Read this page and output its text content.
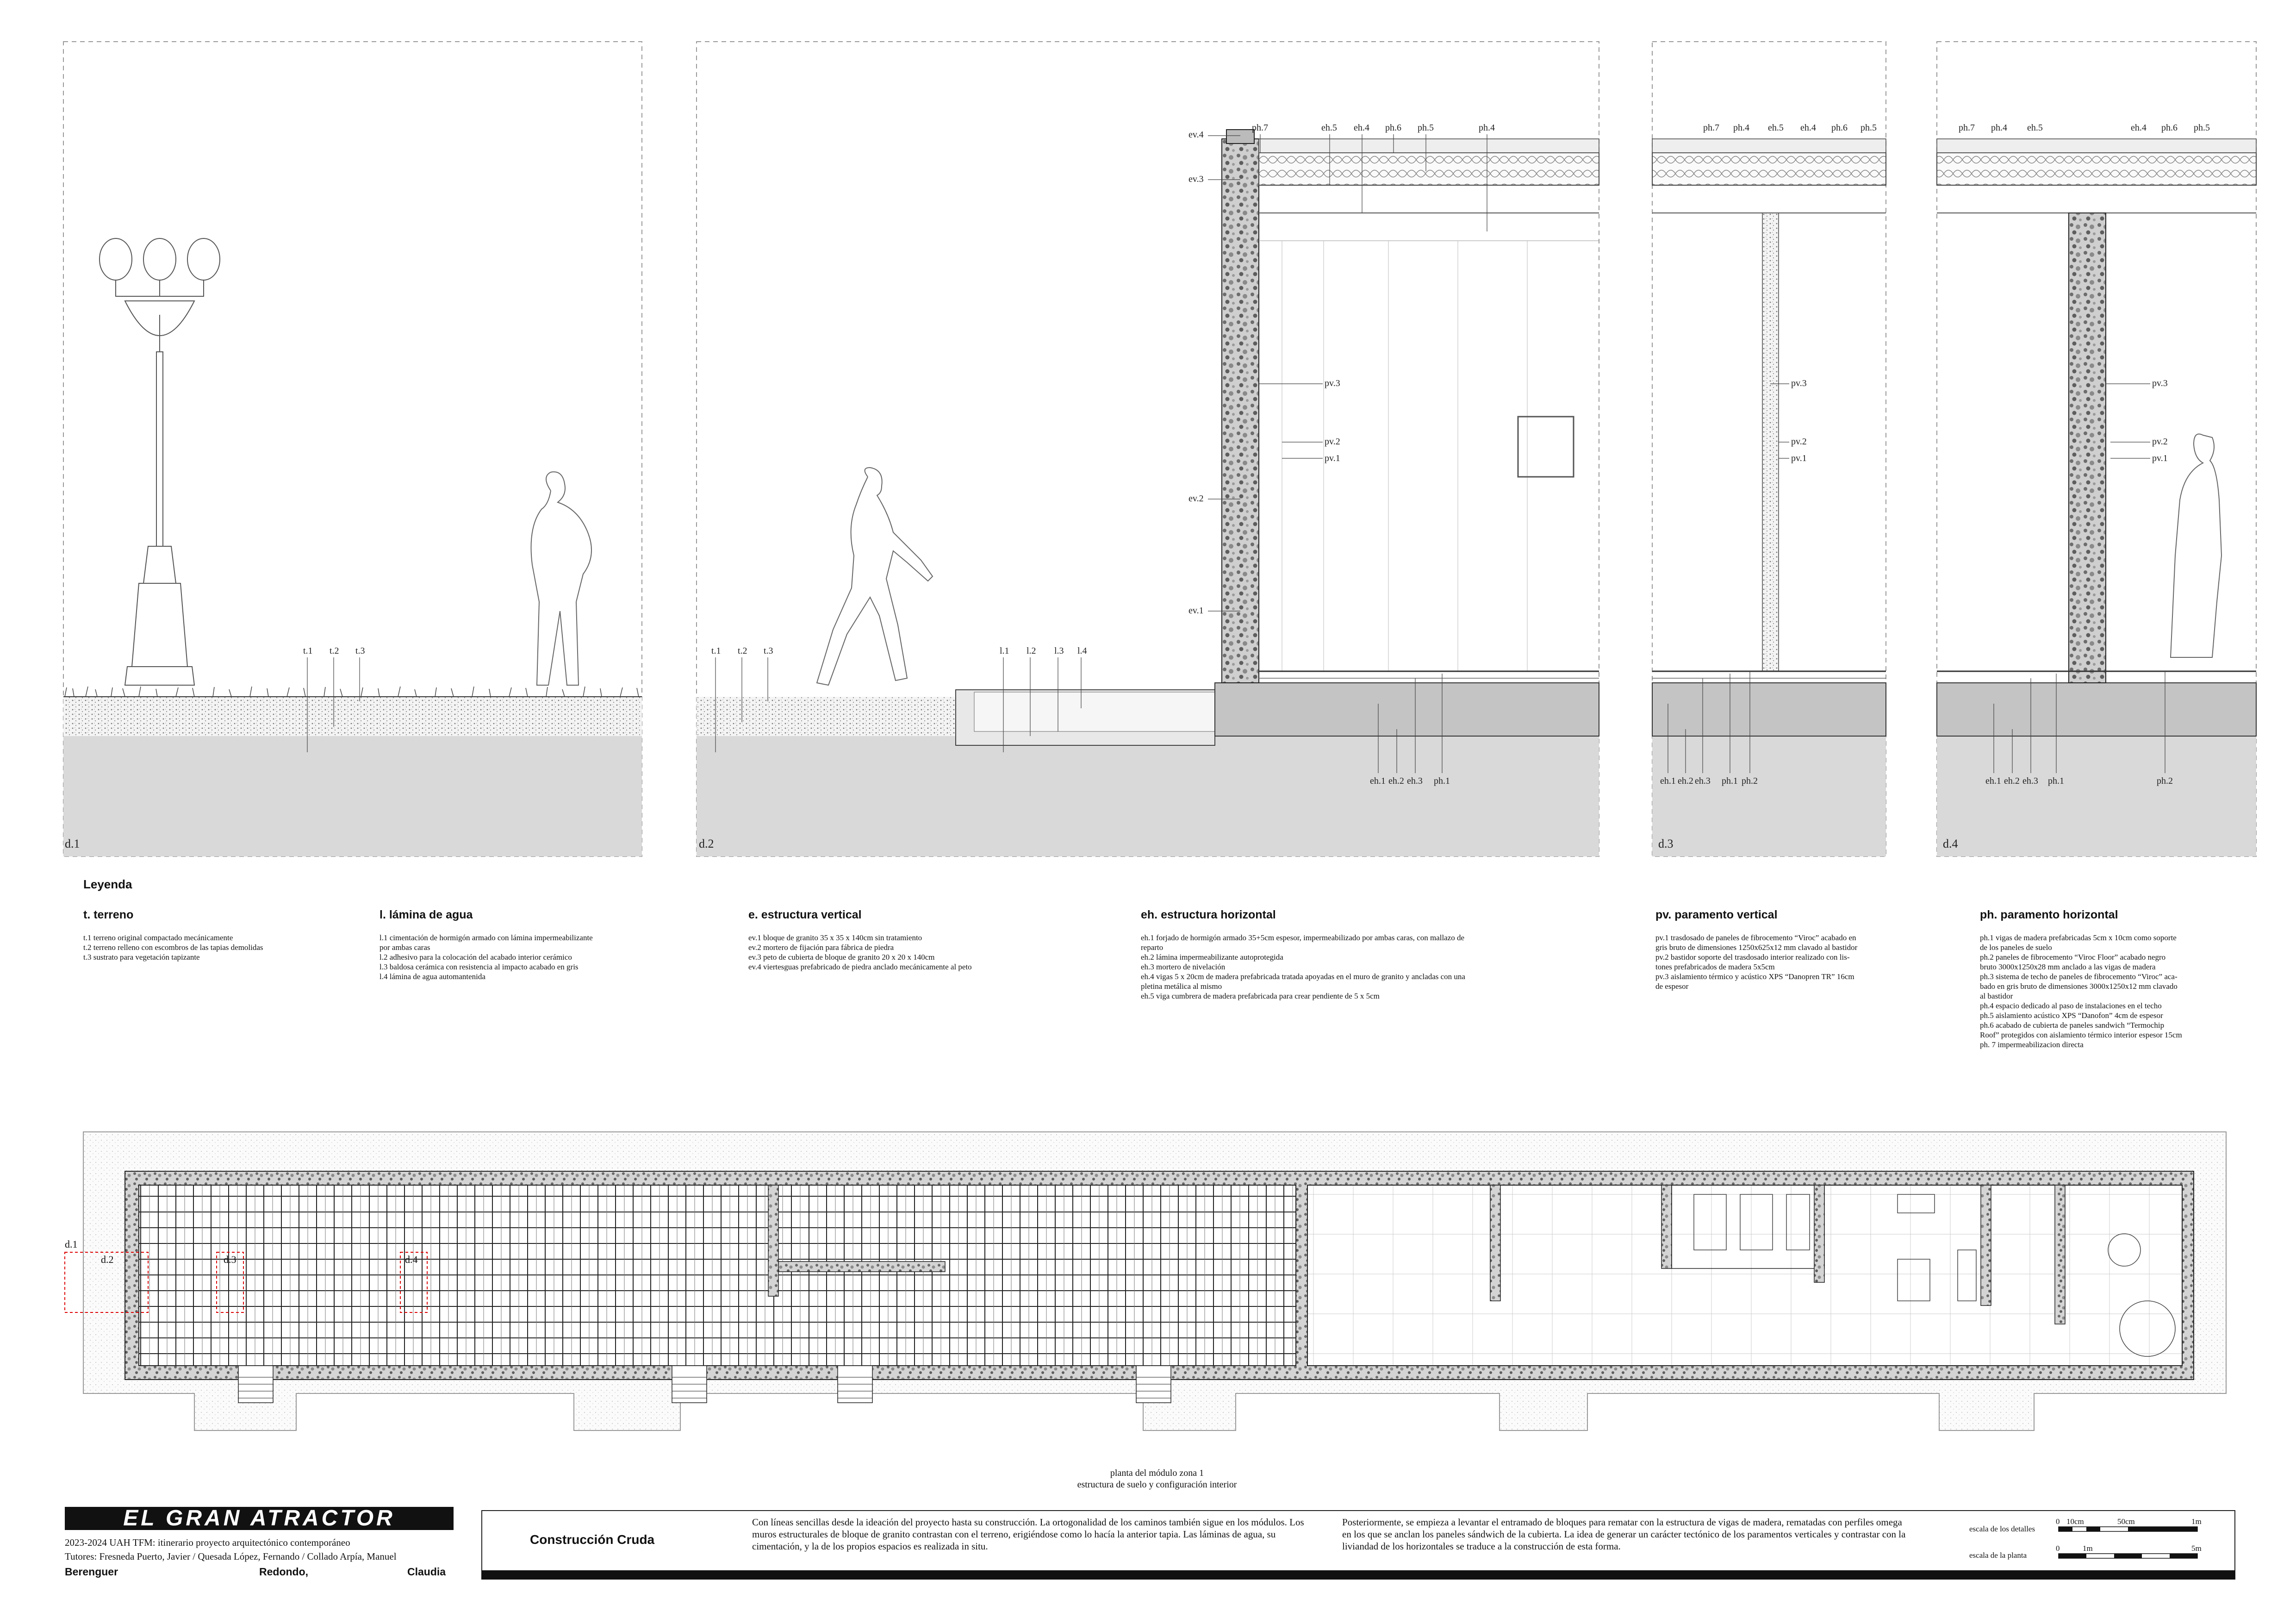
t.1 t.2 t.3	t.1 t.2 t.3	l.1 l.2 l.3 l.4
ev.4
ev.3
ev.2
ev.1
pv.3
pv.2
pv.1
ph.7	eh.5 eh.4 ph.6 ph.5	ph.4
eh.1 eh.2 eh.3 ph.1
ph.7 ph.4 eh.5 eh.4 ph.6 ph.5
pv.3
pv.2
pv.1
eh.1 eh.2 eh.3 ph.1 ph.2
ph.7 ph.4 eh.5	eh.4 ph.6 ph.5
pv.3
pv.2
pv.1
eh.1 eh.2 eh.3 ph.1	ph.2
d.1	d.2	d.3	d.4
Leyenda
t. terreno
t.1 terreno original compactado mecánicamente
t.2 terreno relleno con escombros de las tapias demolidas
t.3 sustrato para vegetación tapizante
l. lámina de agua
l.1 cimentación de hormigón armado con lámina impermeabilizante
por ambas caras
l.2 adhesivo para la colocación del acabado interior cerámico
l.3 baldosa cerámica con resistencia al impacto acabado en gris
l.4 lámina de agua automantenida
e. estructura vertical
ev.1 bloque de granito 35 x 35 x 140cm sin tratamiento
ev.2 mortero de fijación para fábrica de piedra
ev.3 peto de cubierta de bloque de granito 20 x 20 x 140cm
ev.4 viertesguas prefabricado de piedra anclado mecánicamente al peto
eh. estructura horizontal
eh.1 forjado de hormigón armado 35+5cm espesor, impermeabilizado por ambas caras, con mallazo de
reparto
eh.2 lámina impermeabilizante autoprotegida
eh.3 mortero de nivelación
eh.4 vigas 5 x 20cm de madera prefabricada tratada apoyadas en el muro de granito y ancladas con una
pletina metálica al mismo
eh.5 viga cumbrera de madera prefabricada para crear pendiente de 5 x 5cm
pv. paramento vertical
pv.1 trasdosado de paneles de fibrocemento “Viroc” acabado en
gris bruto de dimensiones 1250x625x12 mm clavado al bastidor
pv.2 bastidor soporte del trasdosado interior realizado con lis-
tones prefabricados de madera 5x5cm
pv.3 aislamiento térmico y acústico XPS “Danopren TR” 16cm
de espesor
ph. paramento horizontal
ph.1 vigas de madera prefabricadas 5cm x 10cm como soporte
de los paneles de suelo
ph.2 paneles de fibrocemento “Viroc Floor” acabado negro
bruto 3000x1250x28 mm anclado a las vigas de madera
ph.3 sistema de techo de paneles de fibrocemento “Viroc” aca-
bado en gris bruto de dimensiones 3000x1250x12 mm clavado
al bastidor
ph.4 espacio dedicado al paso de instalaciones en el techo
ph.5 aislamiento acústico XPS “Danofon” 4cm de espesor
ph.6 acabado de cubierta de paneles sandwich “Termochip
Roof” protegidos con aislamiento térmico interior espesor 15cm
ph. 7 impermeabilizacion directa
d.1
d.2	d.3	d.4
planta del módulo zona 1
estructura de suelo y configuración interior
EL GRAN ATRACTOR
2023-2024 UAH TFM: itinerario proyecto arquitectónico contemporáneo
Tutores: Fresneda Puerto, Javier / Quesada López, Fernando / Collado Arpía, Manuel
Berenguer	Redondo,	Claudia
Construcción Cruda
Con líneas sencillas desde la ideación del proyecto hasta su construcción. La ortogonalidad de los caminos también sigue en los módulos. Los muros estructurales de bloque de granito contrastan con el terreno, erigiéndose como lo hacía la anterior tapia. Las láminas de agua, su cimentación, y la de los propios espacios es realizada in situ.
Posteriormente, se empieza a levantar el entramado de bloques para rematar con la estructura de vigas de madera, rematadas con perfiles omega en los que se anclan los paneles sándwich de la cubierta. La idea de generar un carácter tectónico de los paramentos verticales y contrastar con la liviandad de los horizontales se traduce a la construcción de esta forma.
escala de los detalles
escala de la planta
0 10cm	50cm	1m
0	1m	5m
